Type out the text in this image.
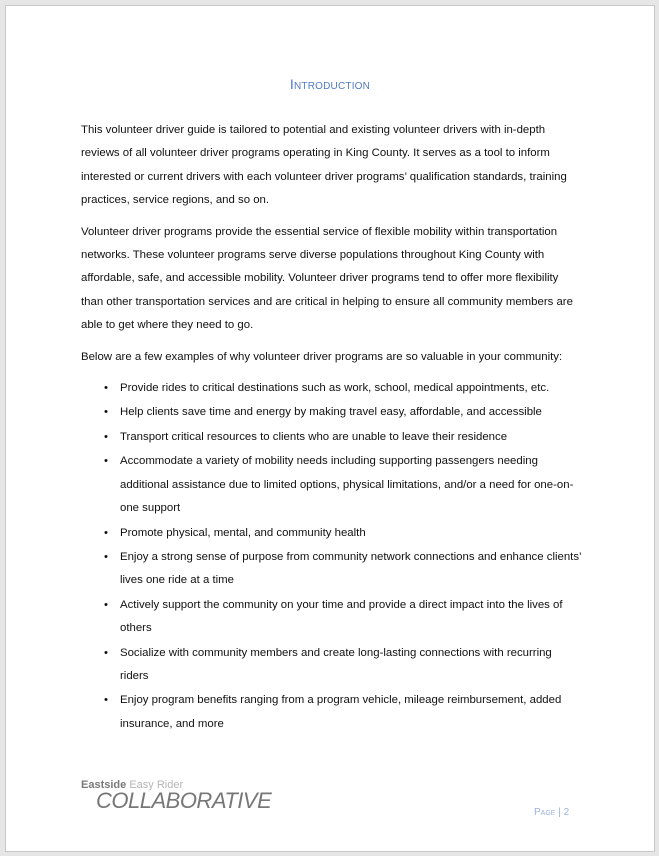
Introduction

This volunteer driver guide is tailored to potential and existing volunteer drivers with in-depth reviews of all volunteer driver programs operating in King County. It serves as a tool to inform interested or current drivers with each volunteer driver programs’ qualification standards, training practices, service regions, and so on.

Volunteer driver programs provide the essential service of flexible mobility within transportation networks. These volunteer programs serve diverse populations throughout King County with affordable, safe, and accessible mobility. Volunteer driver programs tend to offer more flexibility than other transportation services and are critical in helping to ensure all community members are able to get where they need to go.

Below are a few examples of why volunteer driver programs are so valuable in your community:

• Provide rides to critical destinations such as work, school, medical appointments, etc.
• Help clients save time and energy by making travel easy, affordable, and accessible
• Transport critical resources to clients who are unable to leave their residence
• Accommodate a variety of mobility needs including supporting passengers needing additional assistance due to limited options, physical limitations, and/or a need for one-on-one support
• Promote physical, mental, and community health
• Enjoy a strong sense of purpose from community network connections and enhance clients’ lives one ride at a time
• Actively support the community on your time and provide a direct impact into the lives of others
• Socialize with community members and create long-lasting connections with recurring riders
• Enjoy program benefits ranging from a program vehicle, mileage reimbursement, added insurance, and more
Eastside Easy Rider
COLLABORATIVE	Page | 2
